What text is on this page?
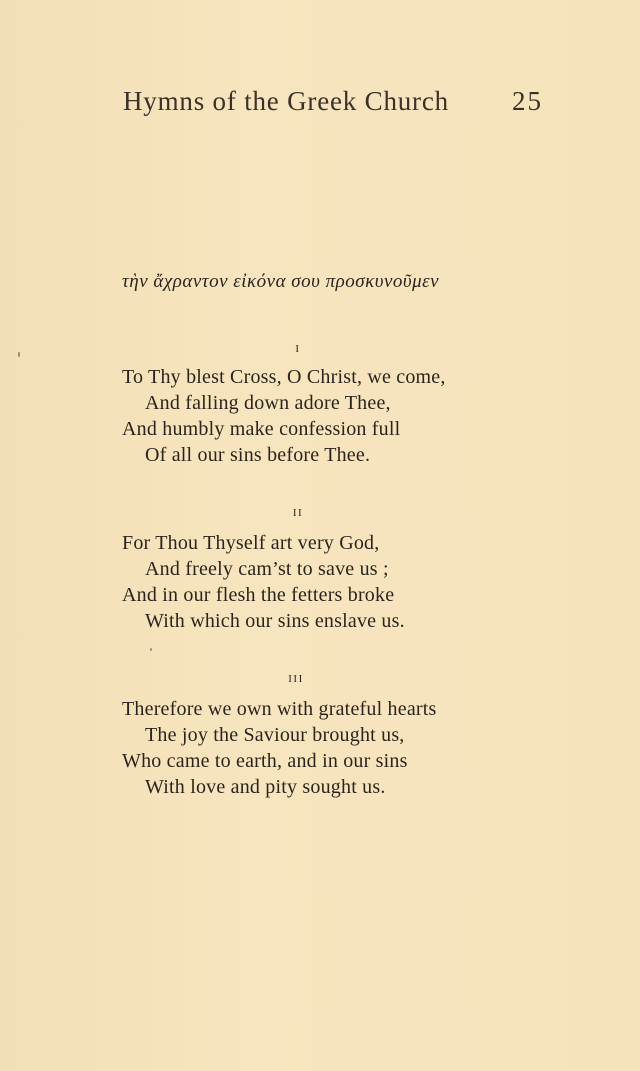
Hymns of the Greek Church 25
τὴν ἄχραντον εἰκόνα σου προσκυνοῦμεν
I
To Thy blest Cross, O Christ, we come,
And falling down adore Thee,
And humbly make confession full
Of all our sins before Thee.
II
For Thou Thyself art very God,
And freely cam’st to save us ;
And in our flesh the fetters broke
With which our sins enslave us.
III
Therefore we own with grateful hearts
The joy the Saviour brought us,
Who came to earth, and in our sins
With love and pity sought us.
